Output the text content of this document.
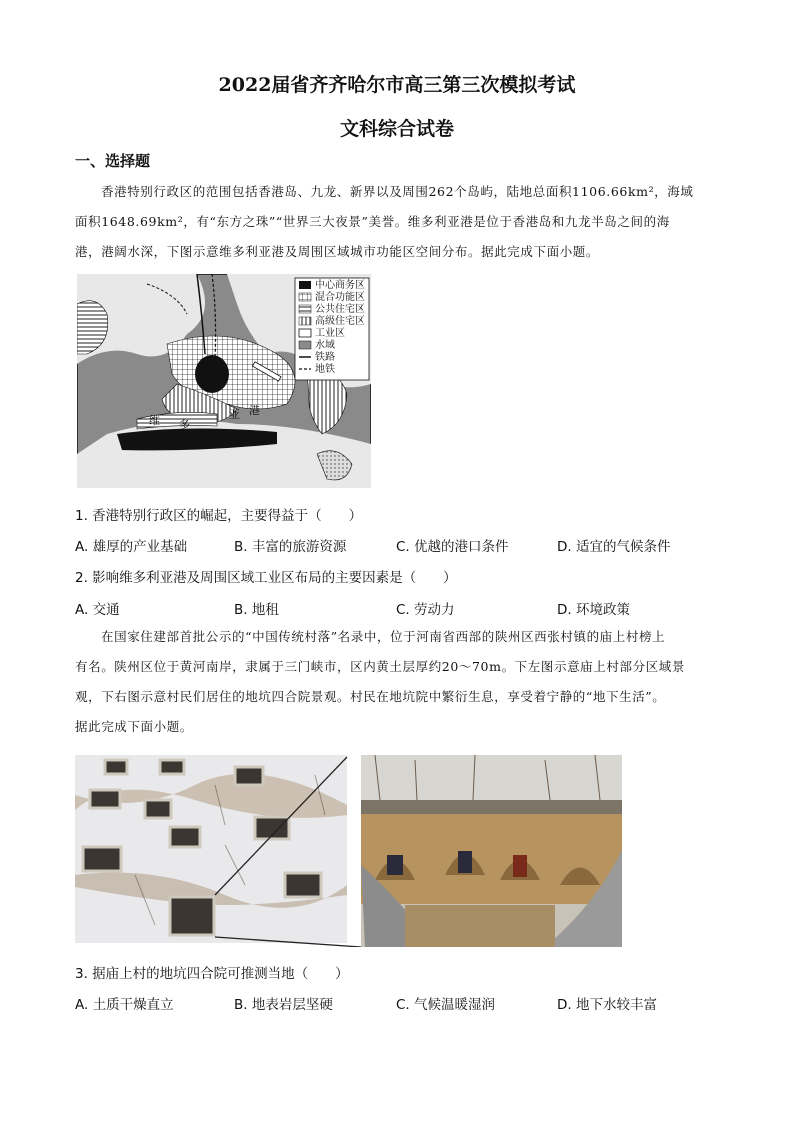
2022届省齐齐哈尔市高三第三次模拟考试
文科综合试卷
一、选择题
香港特别行政区的范围包括香港岛、九龙、新界以及周围262个岛屿，陆地总面积1106.66km²，海域
面积1648.69km²，有“东方之珠”“世界三大夜景”美誉。维多利亚港是位于香港岛和九龙半岛之间的海
港，港阔水深，下图示意维多利亚港及周围区域城市功能区空间分布。据此完成下面小题。
维 多
利
亚 港
中心商务区
混合功能区
公共住宅区
高级住宅区
工业区
水域
铁路
地铁
1. 香港特别行政区的崛起，主要得益于（　　）
A. 雄厚的产业基础	B. 丰富的旅游资源	C. 优越的港口条件	D. 适宜的气候条件
2. 影响维多利亚港及周围区域工业区布局的主要因素是（　　）
A. 交通	B. 地租	C. 劳动力	D. 环境政策
在国家住建部首批公示的“中国传统村落”名录中，位于河南省西部的陕州区西张村镇的庙上村榜上
有名。陕州区位于黄河南岸，隶属于三门峡市，区内黄土层厚约20～70m。下左图示意庙上村部分区域景
观，下右图示意村民们居住的地坑四合院景观。村民在地坑院中繁衍生息，享受着宁静的“地下生活”。
据此完成下面小题。
3. 据庙上村的地坑四合院可推测当地（　　）
A. 土质干燥直立	B. 地表岩层坚硬	C. 气候温暖湿润	D. 地下水较丰富
